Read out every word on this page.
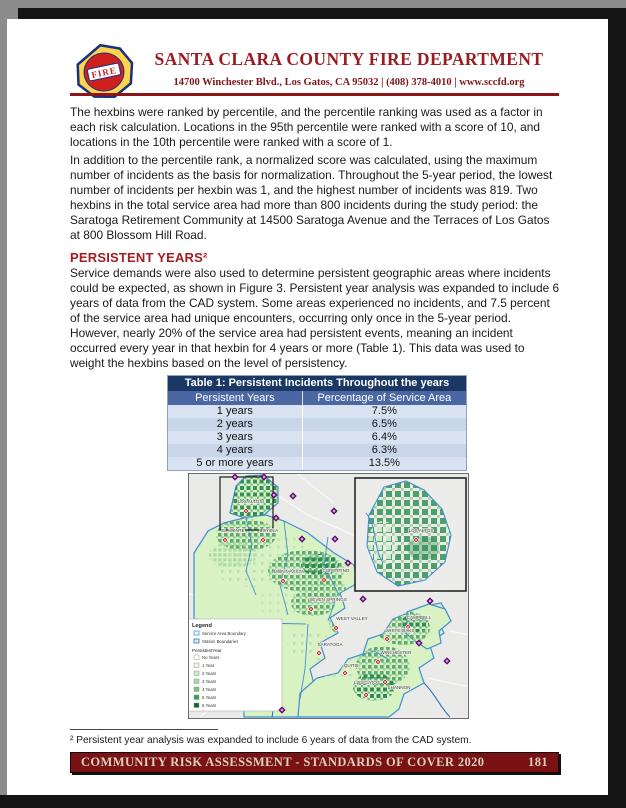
FIRE
SANTA CLARA COUNTY FIRE DEPARTMENT
14700 Winchester Blvd., Los Gatos, CA 95032 | (408) 378-4010 | www.sccfd.org
The hexbins were ranked by percentile, and the percentile ranking was used as a factor in each risk calculation. Locations in the 95th percentile were ranked with a score of 10, and locations in the 10th percentile were ranked with a score of 1.
In addition to the percentile rank, a normalized score was calculated, using the maximum number of incidents as the basis for normalization. Throughout the 5-year period, the lowest number of incidents per hexbin was 1, and the highest number of incidents was 819. Two hexbins in the total service area had more than 800 incidents during the study period: the Saratoga Retirement Community at 14500 Saratoga Avenue and the Terraces of Los Gatos at 800 Blossom Hill Road.
PERSISTENT YEARS²
Service demands were also used to determine persistent geographic areas where incidents could be expected, as shown in Figure 3. Persistent year analysis was expanded to include 6 years of data from the CAD system. Some areas experienced no incidents, and 7.5 percent of the service area had unique encounters, occurring only once in the 5-year period. However, nearly 20% of the service area had persistent events, meaning an incident occurred every year in that hexbin for 4 years or more (Table 1). This data was used to weight the hexbins based on the level of persistency.
Table 1: Persistent Incidents Throughout the years
Persistent Years	Percentage of Service Area
1 years	7.5%
2 years	6.5%
3 years	6.4%
4 years	6.3%
5 or more years	13.5%
Legend
Service Area Boundary
Station Boundaries
PersistentYear
No Years
1 Year
2 Years
3 Years
4 Years
5 Years
6 Years
LOS ALTOS
EL MONTE	LOYOLA
MONTA VISTA	CUPERTINO
SEVEN SPRINGS
WEST VALLEY	CAMPBELL
WHITE OAKS
WINCHESTER
SARATOGA
QUITO
LOS GATOS
SHANNON
LOS ALTOS
² Persistent year analysis was expanded to include 6 years of data from the CAD system.
COMMUNITY RISK ASSESSMENT - STANDARDS OF COVER 2020	181
